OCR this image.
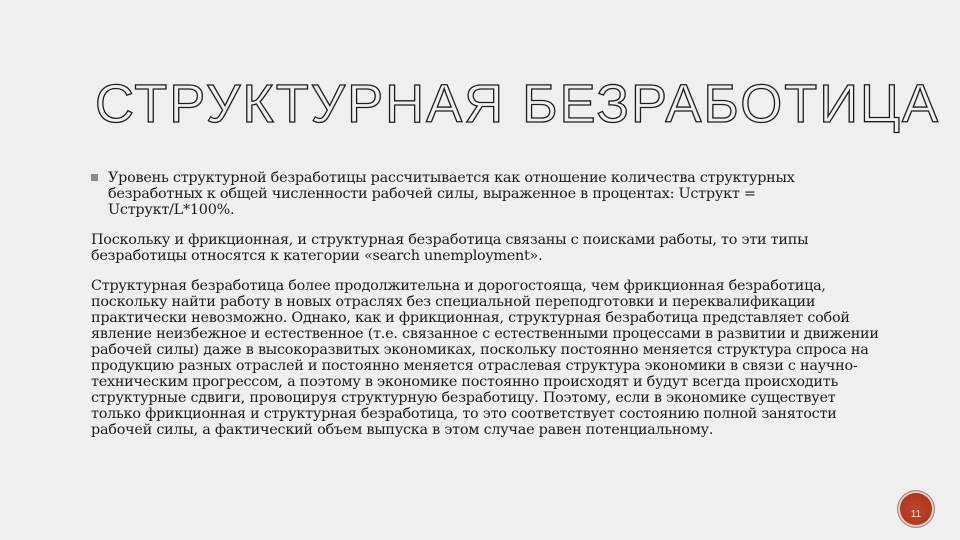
СТРУКТУРНАЯ БЕЗРАБОТИЦА
Уровень структурной безработицы рассчитывается как отношение количества структурных безработных к общей численности рабочей силы, выраженное в процентах: Uструкт = Uструкт/L*100%.

Поскольку и фрикционная, и структурная безработица связаны с поисками работы, то эти типы безработицы относятся к категории «search unemployment».

Структурная безработица более продолжительна и дорогостояща, чем фрикционная безработица, поскольку найти работу в новых отраслях без специальной переподготовки и переквалификации практически невозможно. Однако, как и фрикционная, структурная безработица представляет собой явление неизбежное и естественное (т.е. связанное с естественными процессами в развитии и движении рабочей силы) даже в высокоразвитых экономиках, поскольку постоянно меняется структура спроса на продукцию разных отраслей и постоянно меняется отраслевая структура экономики в связи с научно-техническим прогрессом, а поэтому в экономике постоянно происходят и будут всегда происходить структурные сдвиги, провоцируя структурную безработицу. Поэтому, если в экономике существует только фрикционная и структурная безработица, то это соответствует состоянию полной занятости рабочей силы, а фактический объем выпуска в этом случае равен потенциальному.

11
